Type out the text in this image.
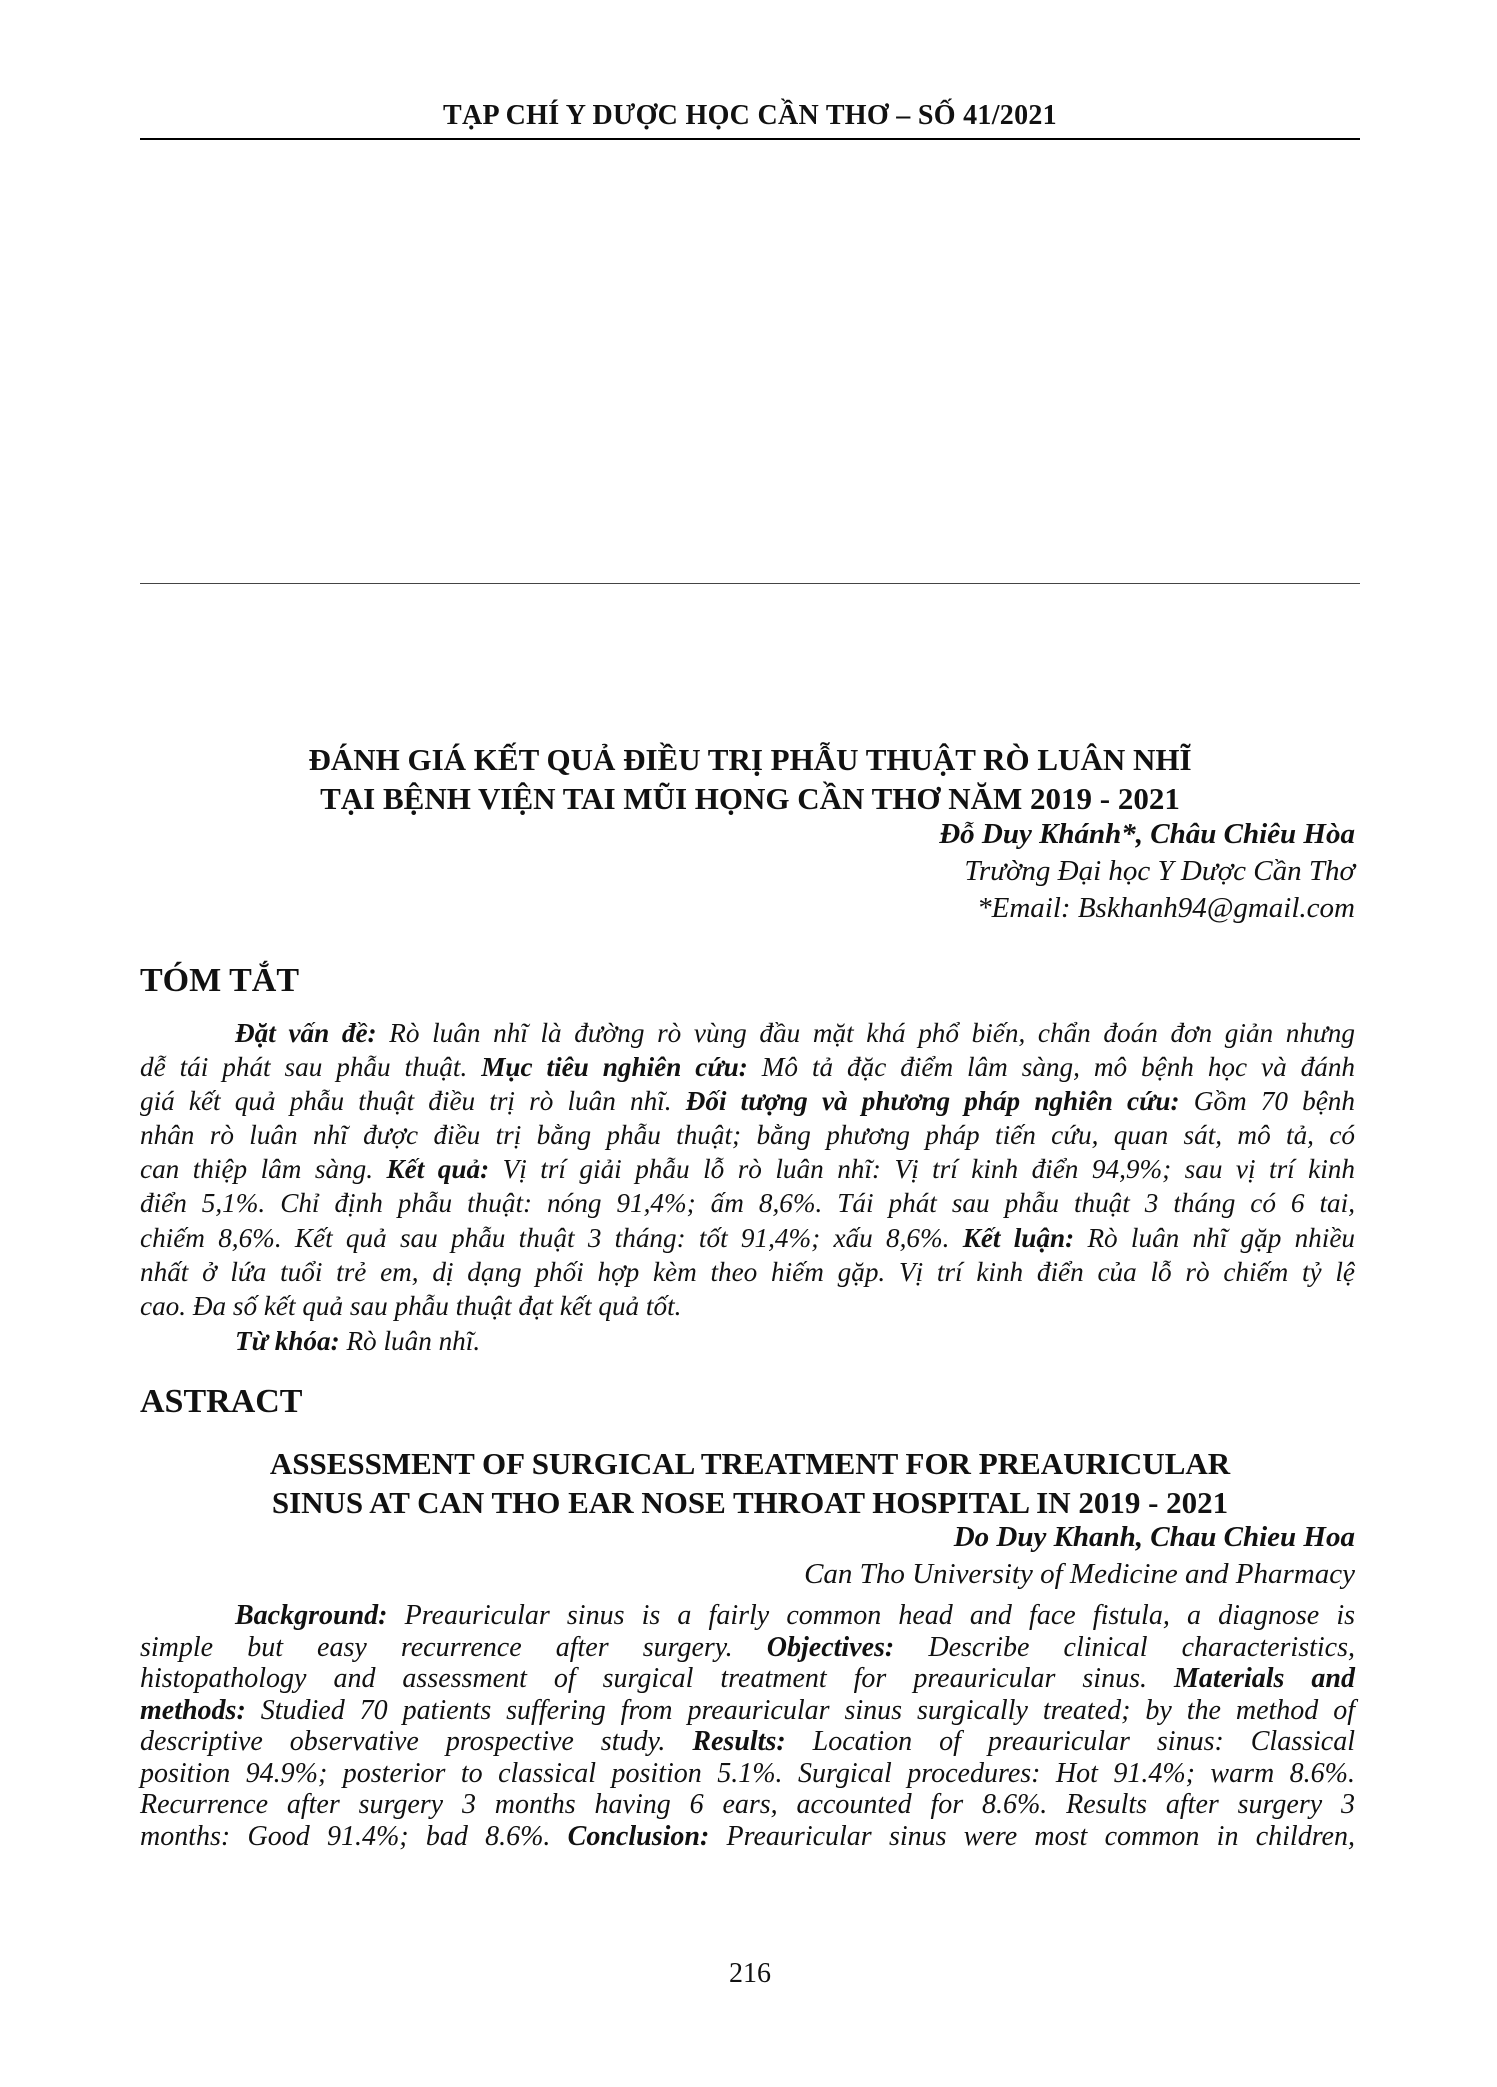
TẠP CHÍ Y DƯỢC HỌC CẦN THƠ – SỐ 41/2021
ĐÁNH GIÁ KẾT QUẢ ĐIỀU TRỊ PHẪU THUẬT RÒ LUÂN NHĨ
TẠI BỆNH VIỆN TAI MŨI HỌNG CẦN THƠ NĂM 2019 - 2021
Đỗ Duy Khánh*, Châu Chiêu Hòa
Trường Đại học Y Dược Cần Thơ
*Email: Bskhanh94@gmail.com
TÓM TẮT
Đặt vấn đề: Rò luân nhĩ là đường rò vùng đầu mặt khá phổ biến, chẩn đoán đơn giản nhưng
dễ tái phát sau phẫu thuật. Mục tiêu nghiên cứu: Mô tả đặc điểm lâm sàng, mô bệnh học và đánh
giá kết quả phẫu thuật điều trị rò luân nhĩ. Đối tượng và phương pháp nghiên cứu: Gồm 70 bệnh
nhân rò luân nhĩ được điều trị bằng phẫu thuật; bằng phương pháp tiến cứu, quan sát, mô tả, có
can thiệp lâm sàng. Kết quả: Vị trí giải phẫu lỗ rò luân nhĩ: Vị trí kinh điển 94,9%; sau vị trí kinh
điển 5,1%. Chỉ định phẫu thuật: nóng 91,4%; ấm 8,6%. Tái phát sau phẫu thuật 3 tháng có 6 tai,
chiếm 8,6%. Kết quả sau phẫu thuật 3 tháng: tốt 91,4%; xấu 8,6%. Kết luận: Rò luân nhĩ gặp nhiều
nhất ở lứa tuổi trẻ em, dị dạng phối hợp kèm theo hiếm gặp. Vị trí kinh điển của lỗ rò chiếm tỷ lệ
cao. Đa số kết quả sau phẫu thuật đạt kết quả tốt.
Từ khóa: Rò luân nhĩ.
ASTRACT
ASSESSMENT OF SURGICAL TREATMENT FOR PREAURICULAR
SINUS AT CAN THO EAR NOSE THROAT HOSPITAL IN 2019 - 2021
Do Duy Khanh, Chau Chieu Hoa
Can Tho University of Medicine and Pharmacy
Background: Preauricular sinus is a fairly common head and face fistula, a diagnose is
simple but easy recurrence after surgery. Objectives: Describe clinical characteristics,
histopathology and assessment of surgical treatment for preauricular sinus. Materials and
methods: Studied 70 patients suffering from preauricular sinus surgically treated; by the method of
descriptive observative prospective study. Results: Location of preauricular sinus: Classical
position 94.9%; posterior to classical position 5.1%. Surgical procedures: Hot 91.4%; warm 8.6%.
Recurrence after surgery 3 months having 6 ears, accounted for 8.6%. Results after surgery 3
months: Good 91.4%; bad 8.6%. Conclusion: Preauricular sinus were most common in children,
216
